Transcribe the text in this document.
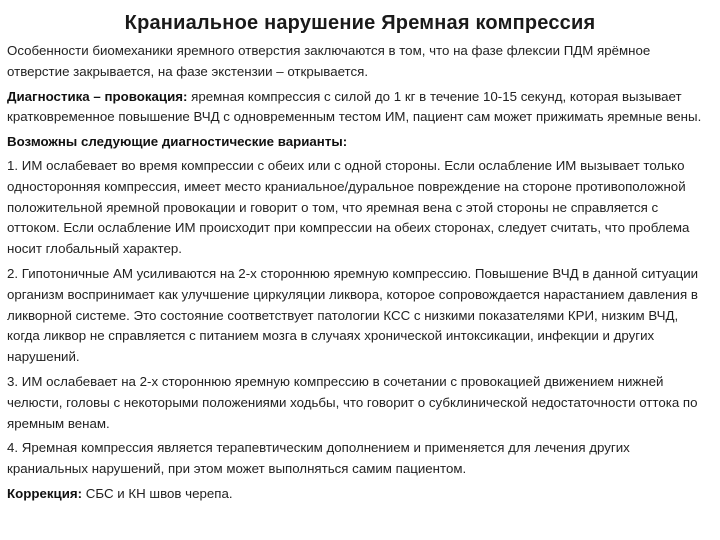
Краниальное нарушение Яремная компрессия

Особенности биомеханики яремного отверстия заключаются в том, что на фазе флексии ПДМ ярёмное отверстие закрывается, на фазе экстензии – открывается.

Диагностика – провокация: яремная компрессия с силой до 1 кг в течение 10-15 секунд, которая вызывает кратковременное повышение ВЧД с одновременным тестом ИМ, пациент сам может прижимать яремные вены.

Возможны следующие диагностические варианты:

1. ИМ ослабевает во время компрессии с обеих или с одной стороны. Если ослабление ИМ вызывает только односторонняя компрессия, имеет место краниальное/дуральное повреждение на стороне противоположной положительной яремной провокации и говорит о том, что яремная вена с этой стороны не справляется с оттоком. Если ослабление ИМ происходит при компрессии на обеих сторонах, следует считать, что проблема носит глобальный характер.
2. Гипотоничные АМ усиливаются на 2-х стороннюю яремную компрессию. Повышение ВЧД в данной ситуации организм воспринимает как улучшение циркуляции ликвора, которое сопровождается нарастанием давления в ликворной системе. Это состояние соответствует патологии КСС с низкими показателями КРИ, низким ВЧД, когда ликвор не справляется с питанием мозга в случаях хронической интоксикации, инфекции и других нарушений.
3. ИМ ослабевает на 2-х стороннюю яремную компрессию в сочетании с провокацией движением нижней челюсти, головы с некоторыми положениями ходьбы, что говорит о субклинической недостаточности оттока по яремным венам.
4. Яремная компрессия является терапевтическим дополнением и применяется для лечения других краниальных нарушений, при этом может выполняться самим пациентом.

Коррекция: СБС и КН швов черепа.
